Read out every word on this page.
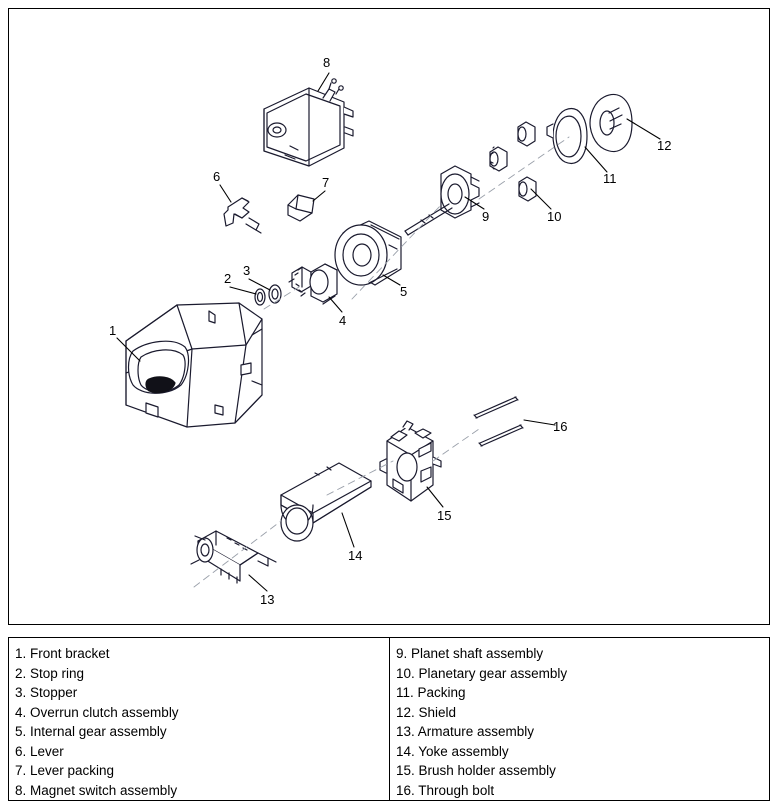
8
6	7
2
3
4
5
9	10
11
12
1
13
14
15
16
1. Front bracket
2. Stop ring
3. Stopper
4. Overrun clutch assembly
5. Internal gear assembly
6. Lever
7. Lever packing
8. Magnet switch assembly
9. Planet shaft assembly
10. Planetary gear assembly
11. Packing
12. Shield
13. Armature assembly
14. Yoke assembly
15. Brush holder assembly
16. Through bolt
